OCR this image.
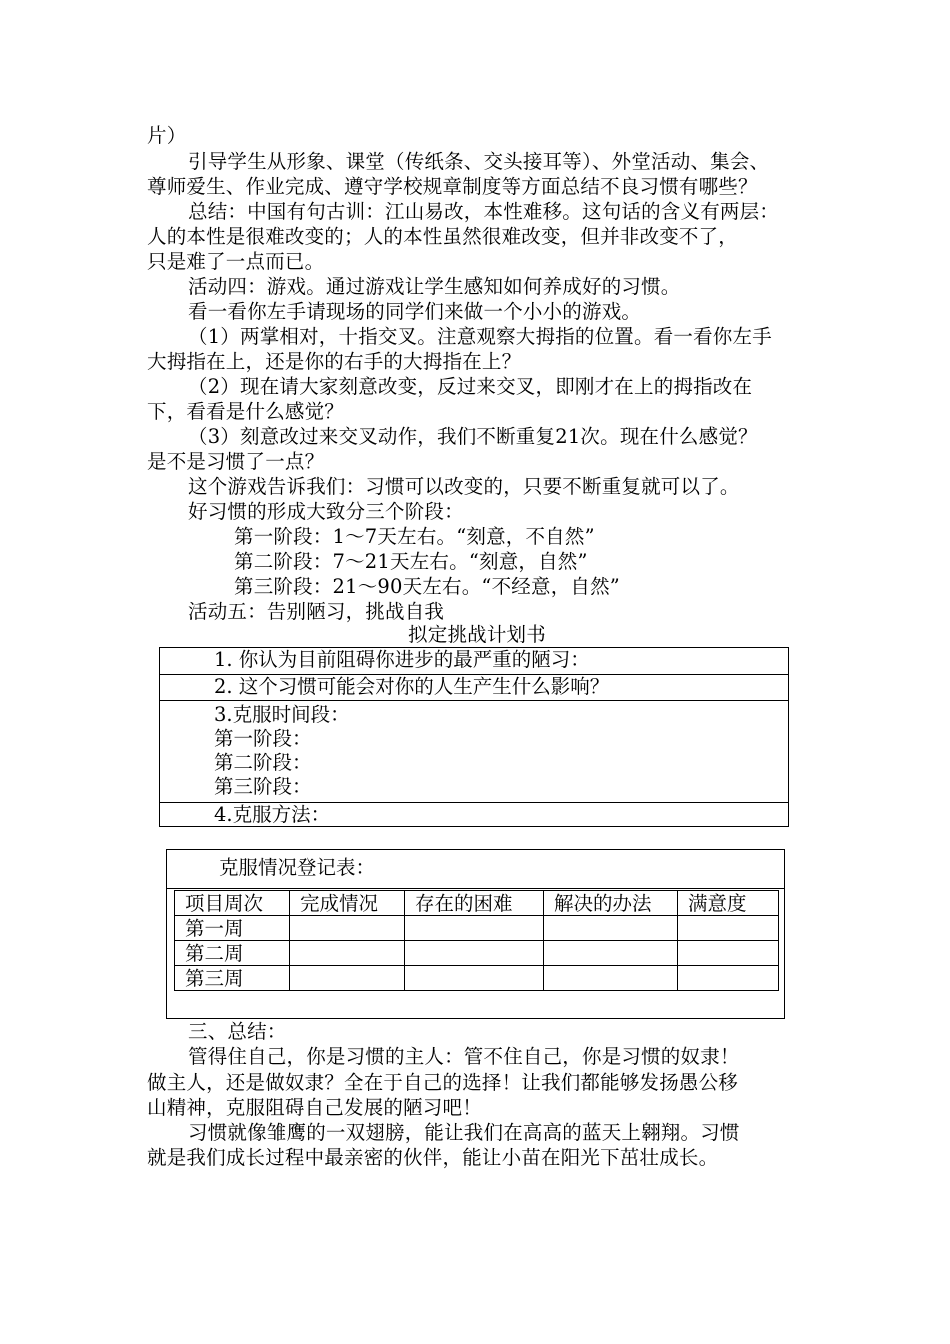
片）
引导学生从形象、课堂（传纸条、交头接耳等）、外堂活动、集会、
尊师爱生、作业完成、遵守学校规章制度等方面总结不良习惯有哪些？
总结：中国有句古训：江山易改，本性难移。这句话的含义有两层：
人的本性是很难改变的；人的本性虽然很难改变，但并非改变不了，
只是难了一点而已。
活动四：游戏。通过游戏让学生感知如何养成好的习惯。
看一看你左手请现场的同学们来做一个小小的游戏。
（1）两掌相对，十指交叉。注意观察大拇指的位置。看一看你左手
大拇指在上，还是你的右手的大拇指在上？
（2）现在请大家刻意改变，反过来交叉，即刚才在上的拇指改在
下，看看是什么感觉？
（3）刻意改过来交叉动作，我们不断重复21次。现在什么感觉？
是不是习惯了一点？
这个游戏告诉我们：习惯可以改变的，只要不断重复就可以了。
好习惯的形成大致分三个阶段：
第一阶段：1～7天左右。“刻意，不自然”
第二阶段：7～21天左右。“刻意，自然”
第三阶段：21～90天左右。“不经意，自然”
活动五：告别陋习，挑战自我
拟定挑战计划书
1. 你认为目前阻碍你进步的最严重的陋习：
2. 这个习惯可能会对你的人生产生什么影响？
3.克服时间段：
第一阶段：
第二阶段：
第三阶段：
4.克服方法：
克服情况登记表：
项目周次	完成情况	存在的困难	解决的办法	满意度
第一周				
第二周				
第三周				
三、总结：
管得住自己，你是习惯的主人：管不住自己，你是习惯的奴隶！
做主人，还是做奴隶？全在于自己的选择！让我们都能够发扬愚公移
山精神，克服阻碍自己发展的陋习吧！
习惯就像雏鹰的一双翅膀，能让我们在高高的蓝天上翱翔。习惯
就是我们成长过程中最亲密的伙伴，能让小苗在阳光下茁壮成长。
